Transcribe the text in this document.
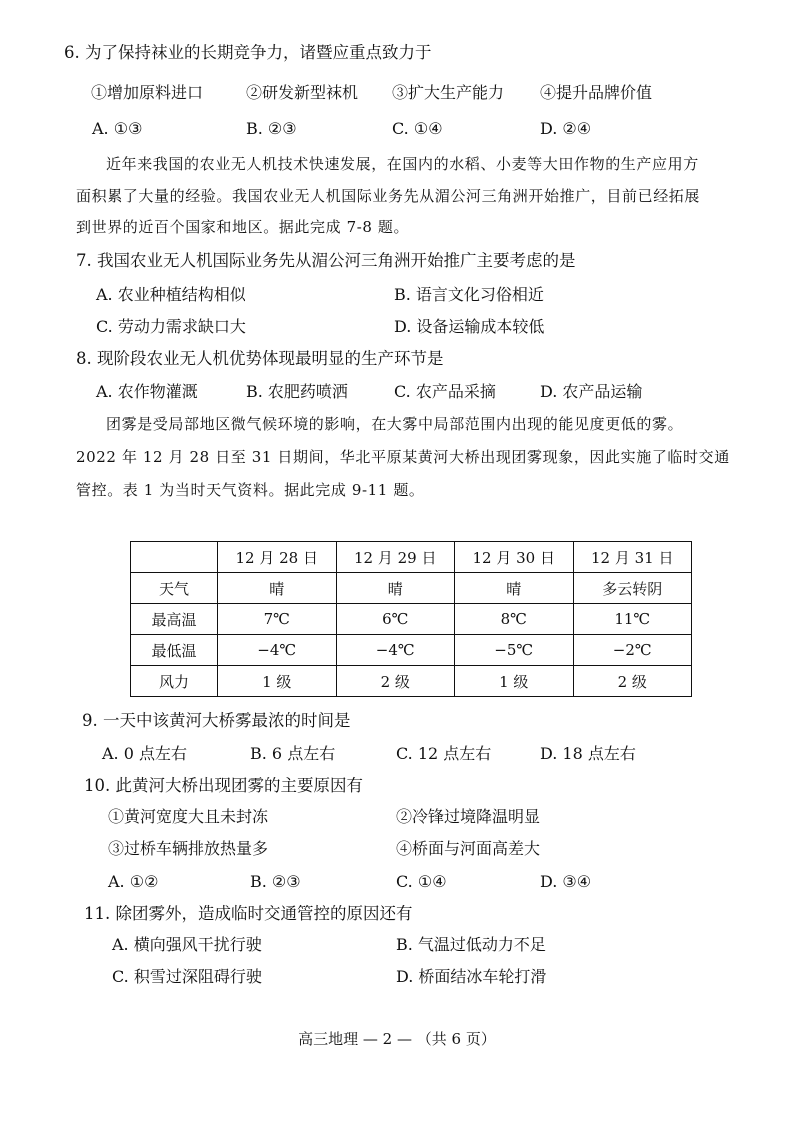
6. 为了保持袜业的长期竞争力，诸暨应重点致力于
①增加原料进口	②研发新型袜机 ③扩大生产能力 ④提升品牌价值
A. ①③	B. ②③	C. ①④	D. ②④
近年来我国的农业无人机技术快速发展，在国内的水稻、小麦等大田作物的生产应用方
面积累了大量的经验。我国农业无人机国际业务先从湄公河三角洲开始推广，目前已经拓展
到世界的近百个国家和地区。据此完成 7-8 题。
7. 我国农业无人机国际业务先从湄公河三角洲开始推广主要考虑的是
A. 农业种植结构相似	B. 语言文化习俗相近
C. 劳动力需求缺口大	D. 设备运输成本较低
8. 现阶段农业无人机优势体现最明显的生产环节是
A. 农作物灌溉	B. 农肥药喷洒	C. 农产品采摘	D. 农产品运输
团雾是受局部地区微气候环境的影响，在大雾中局部范围内出现的能见度更低的雾。
2022 年 12 月 28 日至 31 日期间，华北平原某黄河大桥出现团雾现象，因此实施了临时交通
管控。表 1 为当时天气资料。据此完成 9-11 题。
	12 月 28 日	12 月 29 日	12 月 30 日	12 月 31 日
天气	晴	晴	晴	多云转阴
最高温	7℃	6℃	8℃	11℃
最低温	−4℃	−4℃	−5℃	−2℃
风力	1 级	2 级	1 级	2 级
9. 一天中该黄河大桥雾最浓的时间是
A. 0 点左右	B. 6 点左右	C. 12 点左右	D. 18 点左右
10. 此黄河大桥出现团雾的主要原因有
①黄河宽度大且未封冻	②冷锋过境降温明显
③过桥车辆排放热量多	④桥面与河面高差大
A. ①②	B. ②③	C. ①④	D. ③④
11. 除团雾外，造成临时交通管控的原因还有
A. 横向强风干扰行驶	B. 气温过低动力不足
C. 积雪过深阻碍行驶	D. 桥面结冰车轮打滑
高三地理 — 2 — （共 6 页）
